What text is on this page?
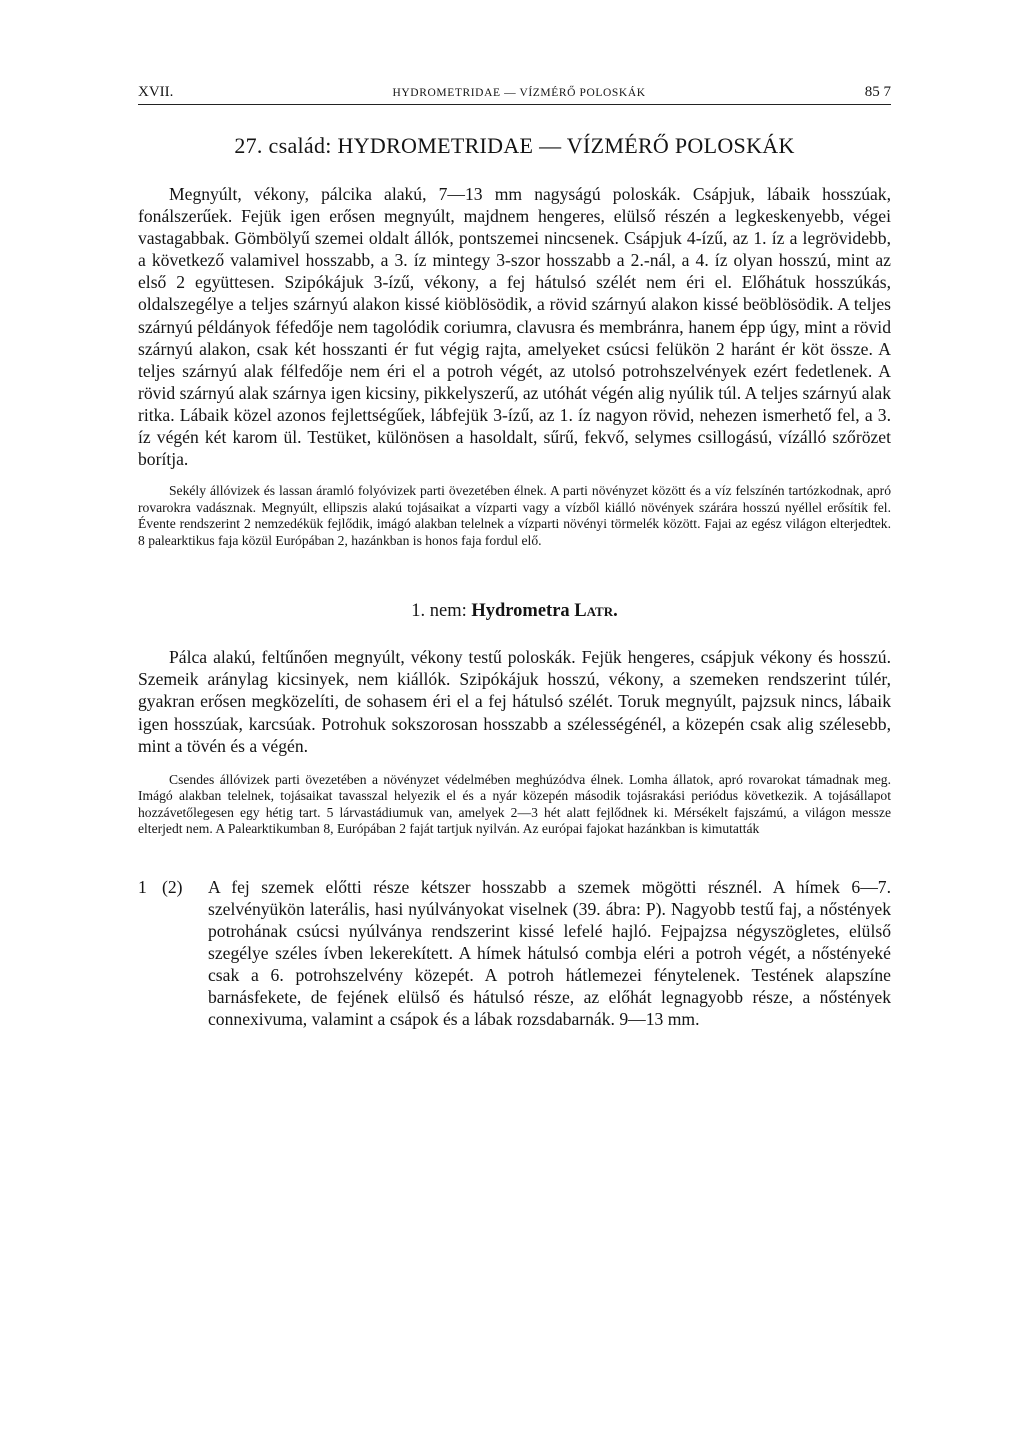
XVII.	HYDROMETRIDAE — VÍZMÉRŐ POLOSKÁK	85 7
27. család: HYDROMETRIDAE — VÍZMÉRŐ POLOSKÁK

Megnyúlt, vékony, pálcika alakú, 7—13 mm nagyságú poloskák. Csápjuk, lábaik hosszúak, fonálszerűek. Fejük igen erősen megnyúlt, majdnem hengeres, elülső részén a legkeskenyebb, végei vastagabbak. Gömbölyű szemei oldalt állók, pontszemei nincsenek. Csápjuk 4-ízű, az 1. íz a legrövidebb, a következő valamivel hosszabb, a 3. íz mintegy 3-szor hosszabb a 2.-nál, a 4. íz olyan hosszú, mint az első 2 együttesen. Szipókájuk 3-ízű, vékony, a fej hátulsó szélét nem éri el. Előhátuk hosszúkás, oldalszegélye a teljes szárnyú alakon kissé kiöblösödik, a rövid szárnyú alakon kissé beöblösödik. A teljes szárnyú példányok féfedője nem tagolódik coriumra, clavusra és membránra, hanem épp úgy, mint a rövid szárnyú alakon, csak két hosszanti ér fut végig rajta, amelyeket csúcsi felükön 2 haránt ér köt össze. A teljes szárnyú alak félfedője nem éri el a potroh végét, az utolsó potrohszelvények ezért fedetlenek. A rövid szárnyú alak szárnya igen kicsiny, pikkelyszerű, az utóhát végén alig nyúlik túl. A teljes szárnyú alak ritka. Lábaik közel azonos fejlettségűek, lábfejük 3-ízű, az 1. íz nagyon rövid, nehezen ismerhető fel, a 3. íz végén két karom ül. Testüket, különösen a hasoldalt, sűrű, fekvő, selymes csillogású, vízálló szőrözet borítja.

Sekély állóvizek és lassan áramló folyóvizek parti övezetében élnek. A parti növényzet között és a víz felszínén tartózkodnak, apró rovarokra vadásznak. Megnyúlt, ellipszis alakú tojásaikat a vízparti vagy a vízből kiálló növények szárára hosszú nyéllel erősítik fel. Évente rendszerint 2 nemzedékük fejlődik, imágó alakban telelnek a vízparti növényi törmelék között. Fajai az egész világon elterjedtek. 8 palearktikus faja közül Európában 2, hazánkban is honos faja fordul elő.

1. nem: Hydrometra Latr.

Pálca alakú, feltűnően megnyúlt, vékony testű poloskák. Fejük hengeres, csápjuk vékony és hosszú. Szemeik aránylag kicsinyek, nem kiállók. Szipókájuk hosszú, vékony, a szemeken rendszerint túlér, gyakran erősen megközelíti, de sohasem éri el a fej hátulsó szélét. Toruk megnyúlt, pajzsuk nincs, lábaik igen hosszúak, karcsúak. Potrohuk sokszorosan hosszabb a szélességénél, a közepén csak alig szélesebb, mint a tövén és a végén.

Csendes állóvizek parti övezetében a növényzet védelmében meghúzódva élnek. Lomha állatok, apró rovarokat támadnak meg. Imágó alakban telelnek, tojásaikat tavasszal helyezik el és a nyár közepén második tojásrakási periódus következik. A tojásállapot hozzávetőlegesen egy hétig tart. 5 lárvastádiumuk van, amelyek 2—3 hét alatt fejlődnek ki. Mérsékelt fajszámú, a világon messze elterjedt nem. A Palearktikumban 8, Európában 2 faját tartjuk nyilván. Az európai fajokat hazánkban is kimutatták

1 (2)	A fej szemek előtti része kétszer hosszabb a szemek mögötti résznél. A hímek 6—7. szelvényükön laterális, hasi nyúlványokat viselnek (39. ábra: P). Nagyobb testű faj, a nőstények potrohának csúcsi nyúlványa rendszerint kissé lefelé hajló. Fejpajzsa négyszögletes, elülső szegélye széles ívben lekerekített. A hímek hátulsó combja eléri a potroh végét, a nőstényeké csak a 6. potrohszelvény közepét. A potroh hátlemezei fénytelenek. Testének alapszíne barnásfekete, de fejének elülső és hátulsó része, az előhát legnagyobb része, a nőstények connexivuma, valamint a csápok és a lábak rozsdabarnák. 9—13 mm.
